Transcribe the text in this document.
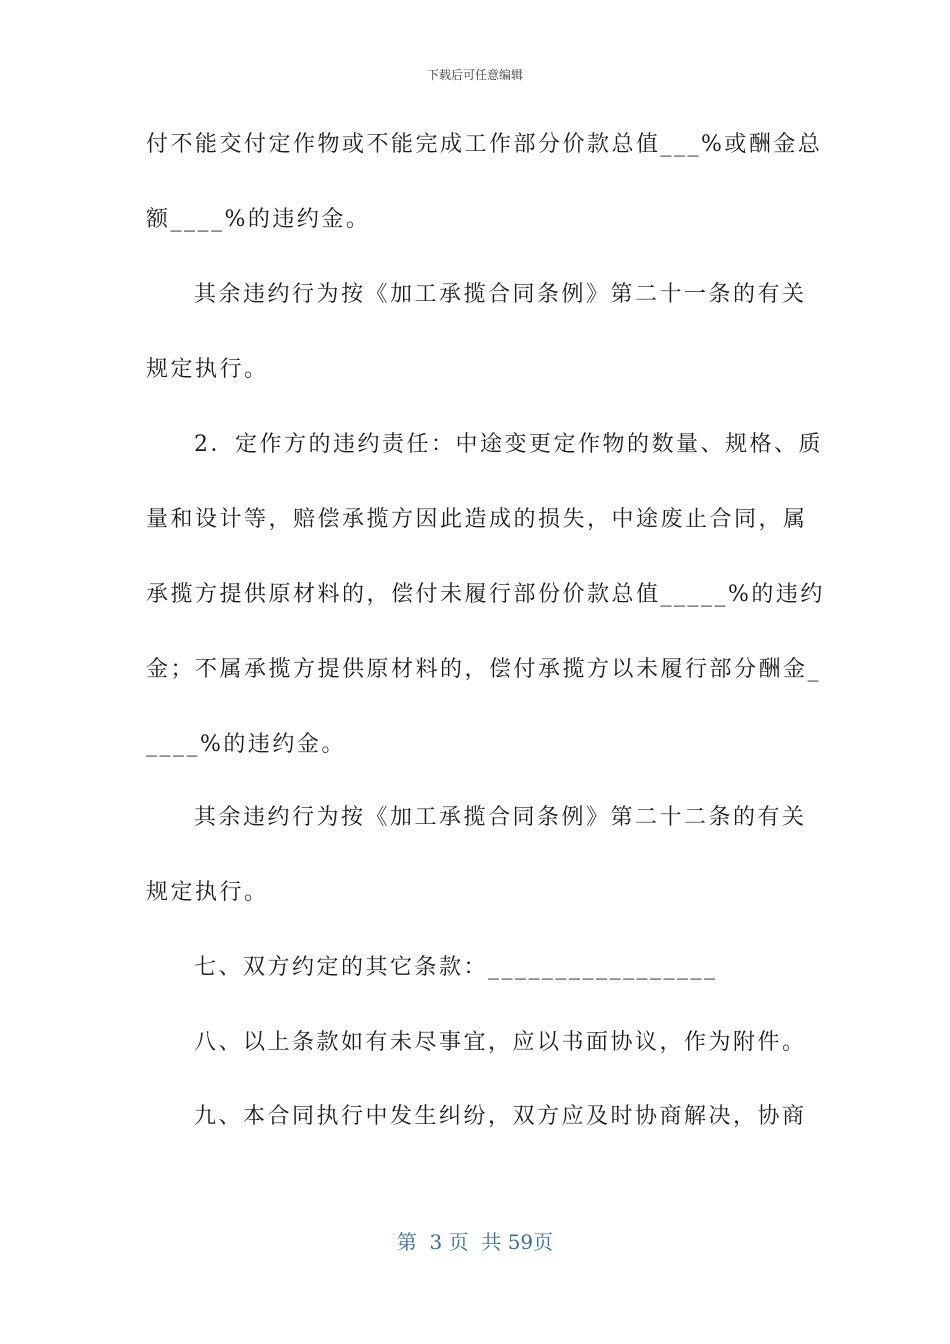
下载后可任意编辑
付不能交付定作物或不能完成工作部分价款总值___%或酬金总
额____%的违约金。
其余违约行为按《加工承揽合同条例》第二十一条的有关
规定执行。
2．定作方的违约责任：中途变更定作物的数量、规格、质
量和设计等，赔偿承揽方因此造成的损失，中途废止合同，属
承揽方提供原材料的，偿付未履行部份价款总值_____%的违约
金；不属承揽方提供原材料的，偿付承揽方以未履行部分酬金_
____%的违约金。
其余违约行为按《加工承揽合同条例》第二十二条的有关
规定执行。
七、双方约定的其它条款：_________________
八、以上条款如有未尽事宜，应以书面协议，作为附件。
九、本合同执行中发生纠纷，双方应及时协商解决，协商
第  3 页  共 59页
